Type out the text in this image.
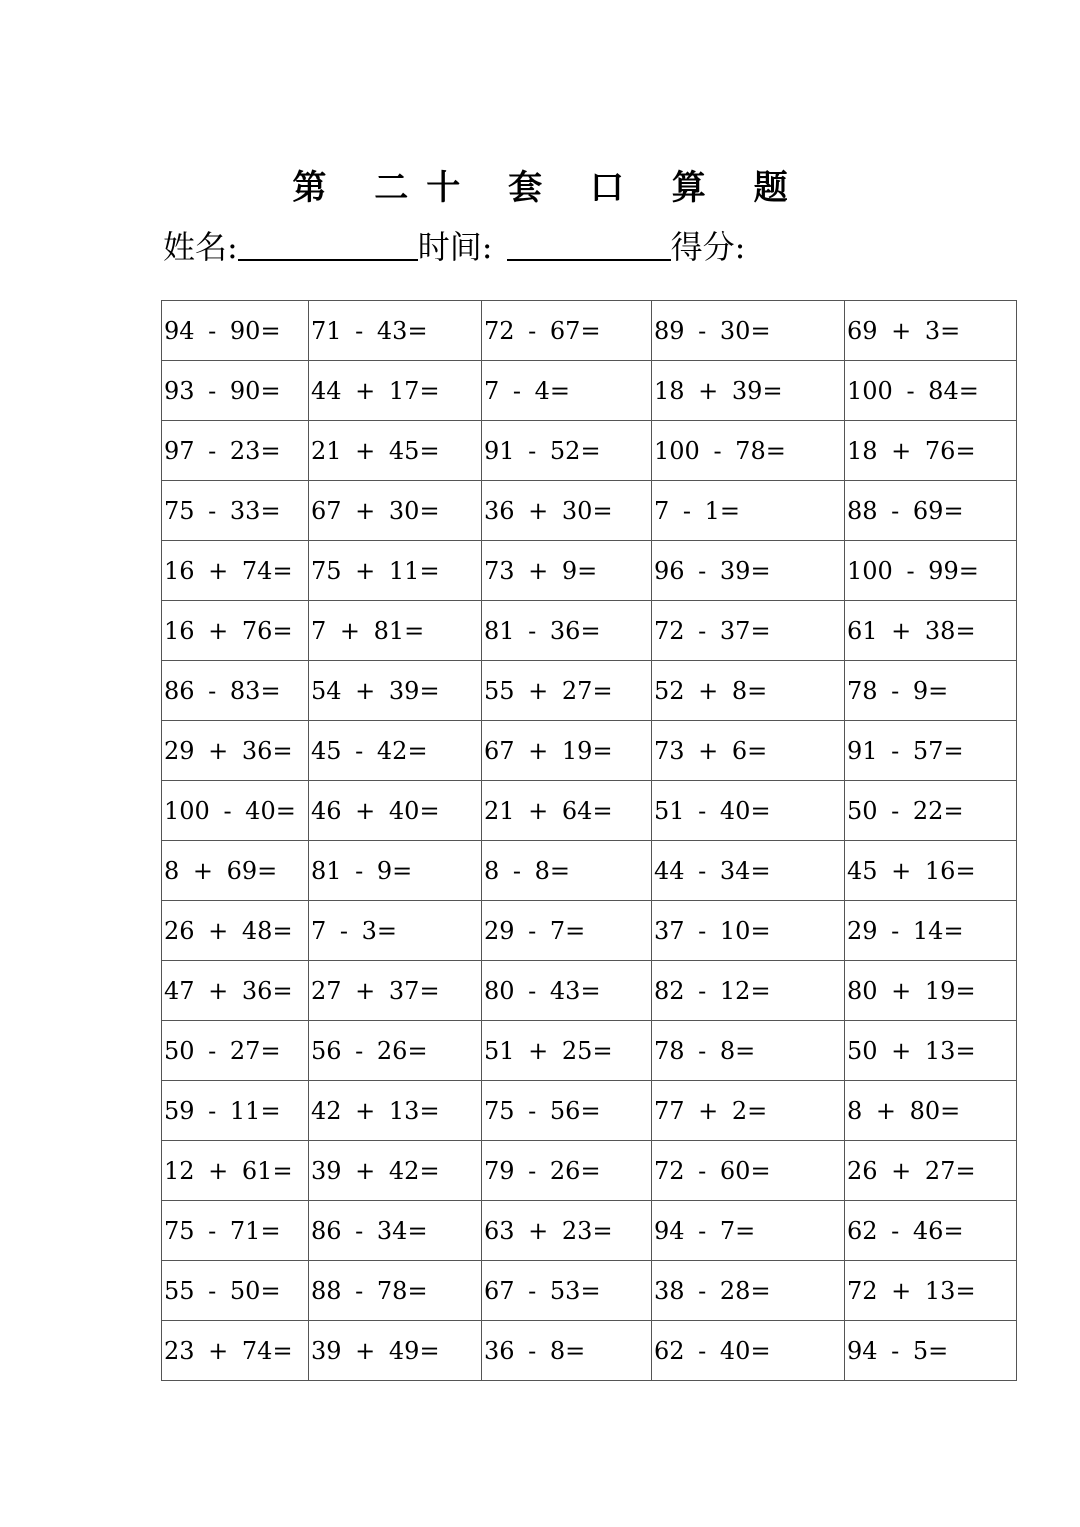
第 二十 套 口 算 题
姓名:	时间:	得分:
94 - 90=	71 - 43=	72 - 67=	89 - 30=	69 + 3=
93 - 90=	44 + 17=	7 - 4=	18 + 39=	100 - 84=
97 - 23=	21 + 45=	91 - 52=	100 - 78=	18 + 76=
75 - 33=	67 + 30=	36 + 30=	7 - 1=	88 - 69=
16 + 74=	75 + 11=	73 + 9=	96 - 39=	100 - 99=
16 + 76=	7 + 81=	81 - 36=	72 - 37=	61 + 38=
86 - 83=	54 + 39=	55 + 27=	52 + 8=	78 - 9=
29 + 36=	45 - 42=	67 + 19=	73 + 6=	91 - 57=
100 - 40=	46 + 40=	21 + 64=	51 - 40=	50 - 22=
8 + 69=	81 - 9=	8 - 8=	44 - 34=	45 + 16=
26 + 48=	7 - 3=	29 - 7=	37 - 10=	29 - 14=
47 + 36=	27 + 37=	80 - 43=	82 - 12=	80 + 19=
50 - 27=	56 - 26=	51 + 25=	78 - 8=	50 + 13=
59 - 11=	42 + 13=	75 - 56=	77 + 2=	8 + 80=
12 + 61=	39 + 42=	79 - 26=	72 - 60=	26 + 27=
75 - 71=	86 - 34=	63 + 23=	94 - 7=	62 - 46=
55 - 50=	88 - 78=	67 - 53=	38 - 28=	72 + 13=
23 + 74=	39 + 49=	36 - 8=	62 - 40=	94 - 5=
